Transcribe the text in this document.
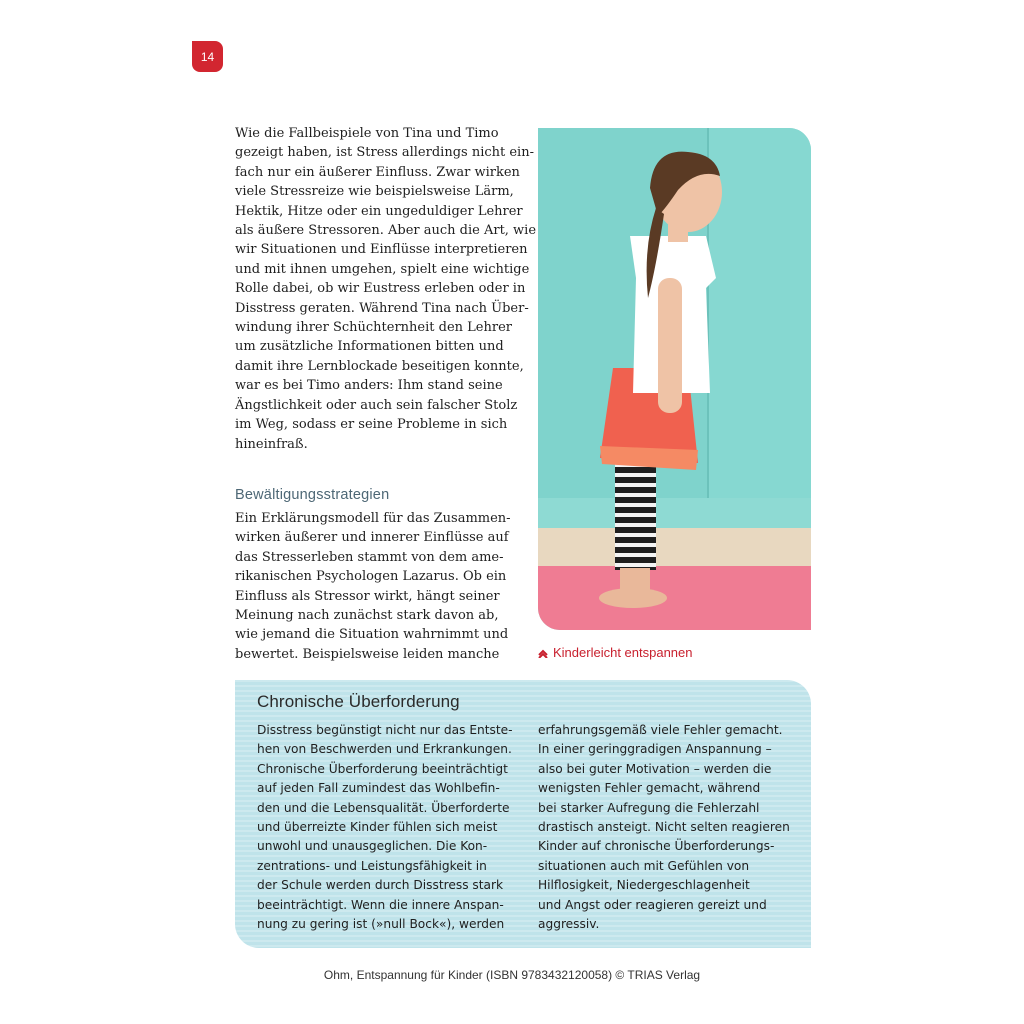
14
Wie die Fallbeispiele von Tina und Timo
gezeigt haben, ist Stress allerdings nicht ein-
fach nur ein äußerer Einfluss. Zwar wirken
viele Stressreize wie beispielsweise Lärm,
Hektik, Hitze oder ein ungeduldiger Lehrer
als äußere Stressoren. Aber auch die Art, wie
wir Situationen und Einflüsse interpretieren
und mit ihnen umgehen, spielt eine wichtige
Rolle dabei, ob wir Eustress erleben oder in
Disstress geraten. Während Tina nach Über-
windung ihrer Schüchternheit den Lehrer
um zusätzliche Informationen bitten und
damit ihre Lernblockade beseitigen konnte,
war es bei Timo anders: Ihm stand seine
Ängstlichkeit oder auch sein falscher Stolz
im Weg, sodass er seine Probleme in sich
hineinfraß.
Bewältigungsstrategien
Ein Erklärungsmodell für das Zusammen-
wirken äußerer und innerer Einflüsse auf
das Stresserleben stammt von dem ame-
rikanischen Psychologen Lazarus. Ob ein
Einfluss als Stressor wirkt, hängt seiner
Meinung nach zunächst stark davon ab,
wie jemand die Situation wahrnimmt und
bewertet. Beispielsweise leiden manche	Kinderleicht entspannen
Chronische Überforderung
Disstress begünstigt nicht nur das Entste-
hen von Beschwerden und Erkrankungen.
Chronische Überforderung beeinträchtigt
auf jeden Fall zumindest das Wohlbefin-
den und die Lebensqualität. Überforderte
und überreizte Kinder fühlen sich meist
unwohl und unausgeglichen. Die Kon-
zentrations- und Leistungsfähigkeit in
der Schule werden durch Disstress stark
beeinträchtigt. Wenn die innere Anspan-
nung zu gering ist (»null Bock«), werden
erfahrungsgemäß viele Fehler gemacht.
In einer geringgradigen Anspannung –
also bei guter Motivation – werden die
wenigsten Fehler gemacht, während
bei starker Aufregung die Fehlerzahl
drastisch ansteigt. Nicht selten reagieren
Kinder auf chronische Überforderungs-
situationen auch mit Gefühlen von
Hilflosigkeit, Niedergeschlagenheit
und Angst oder reagieren gereizt und
aggressiv.
Ohm, Entspannung für Kinder (ISBN 9783432120058) © TRIAS Verlag
